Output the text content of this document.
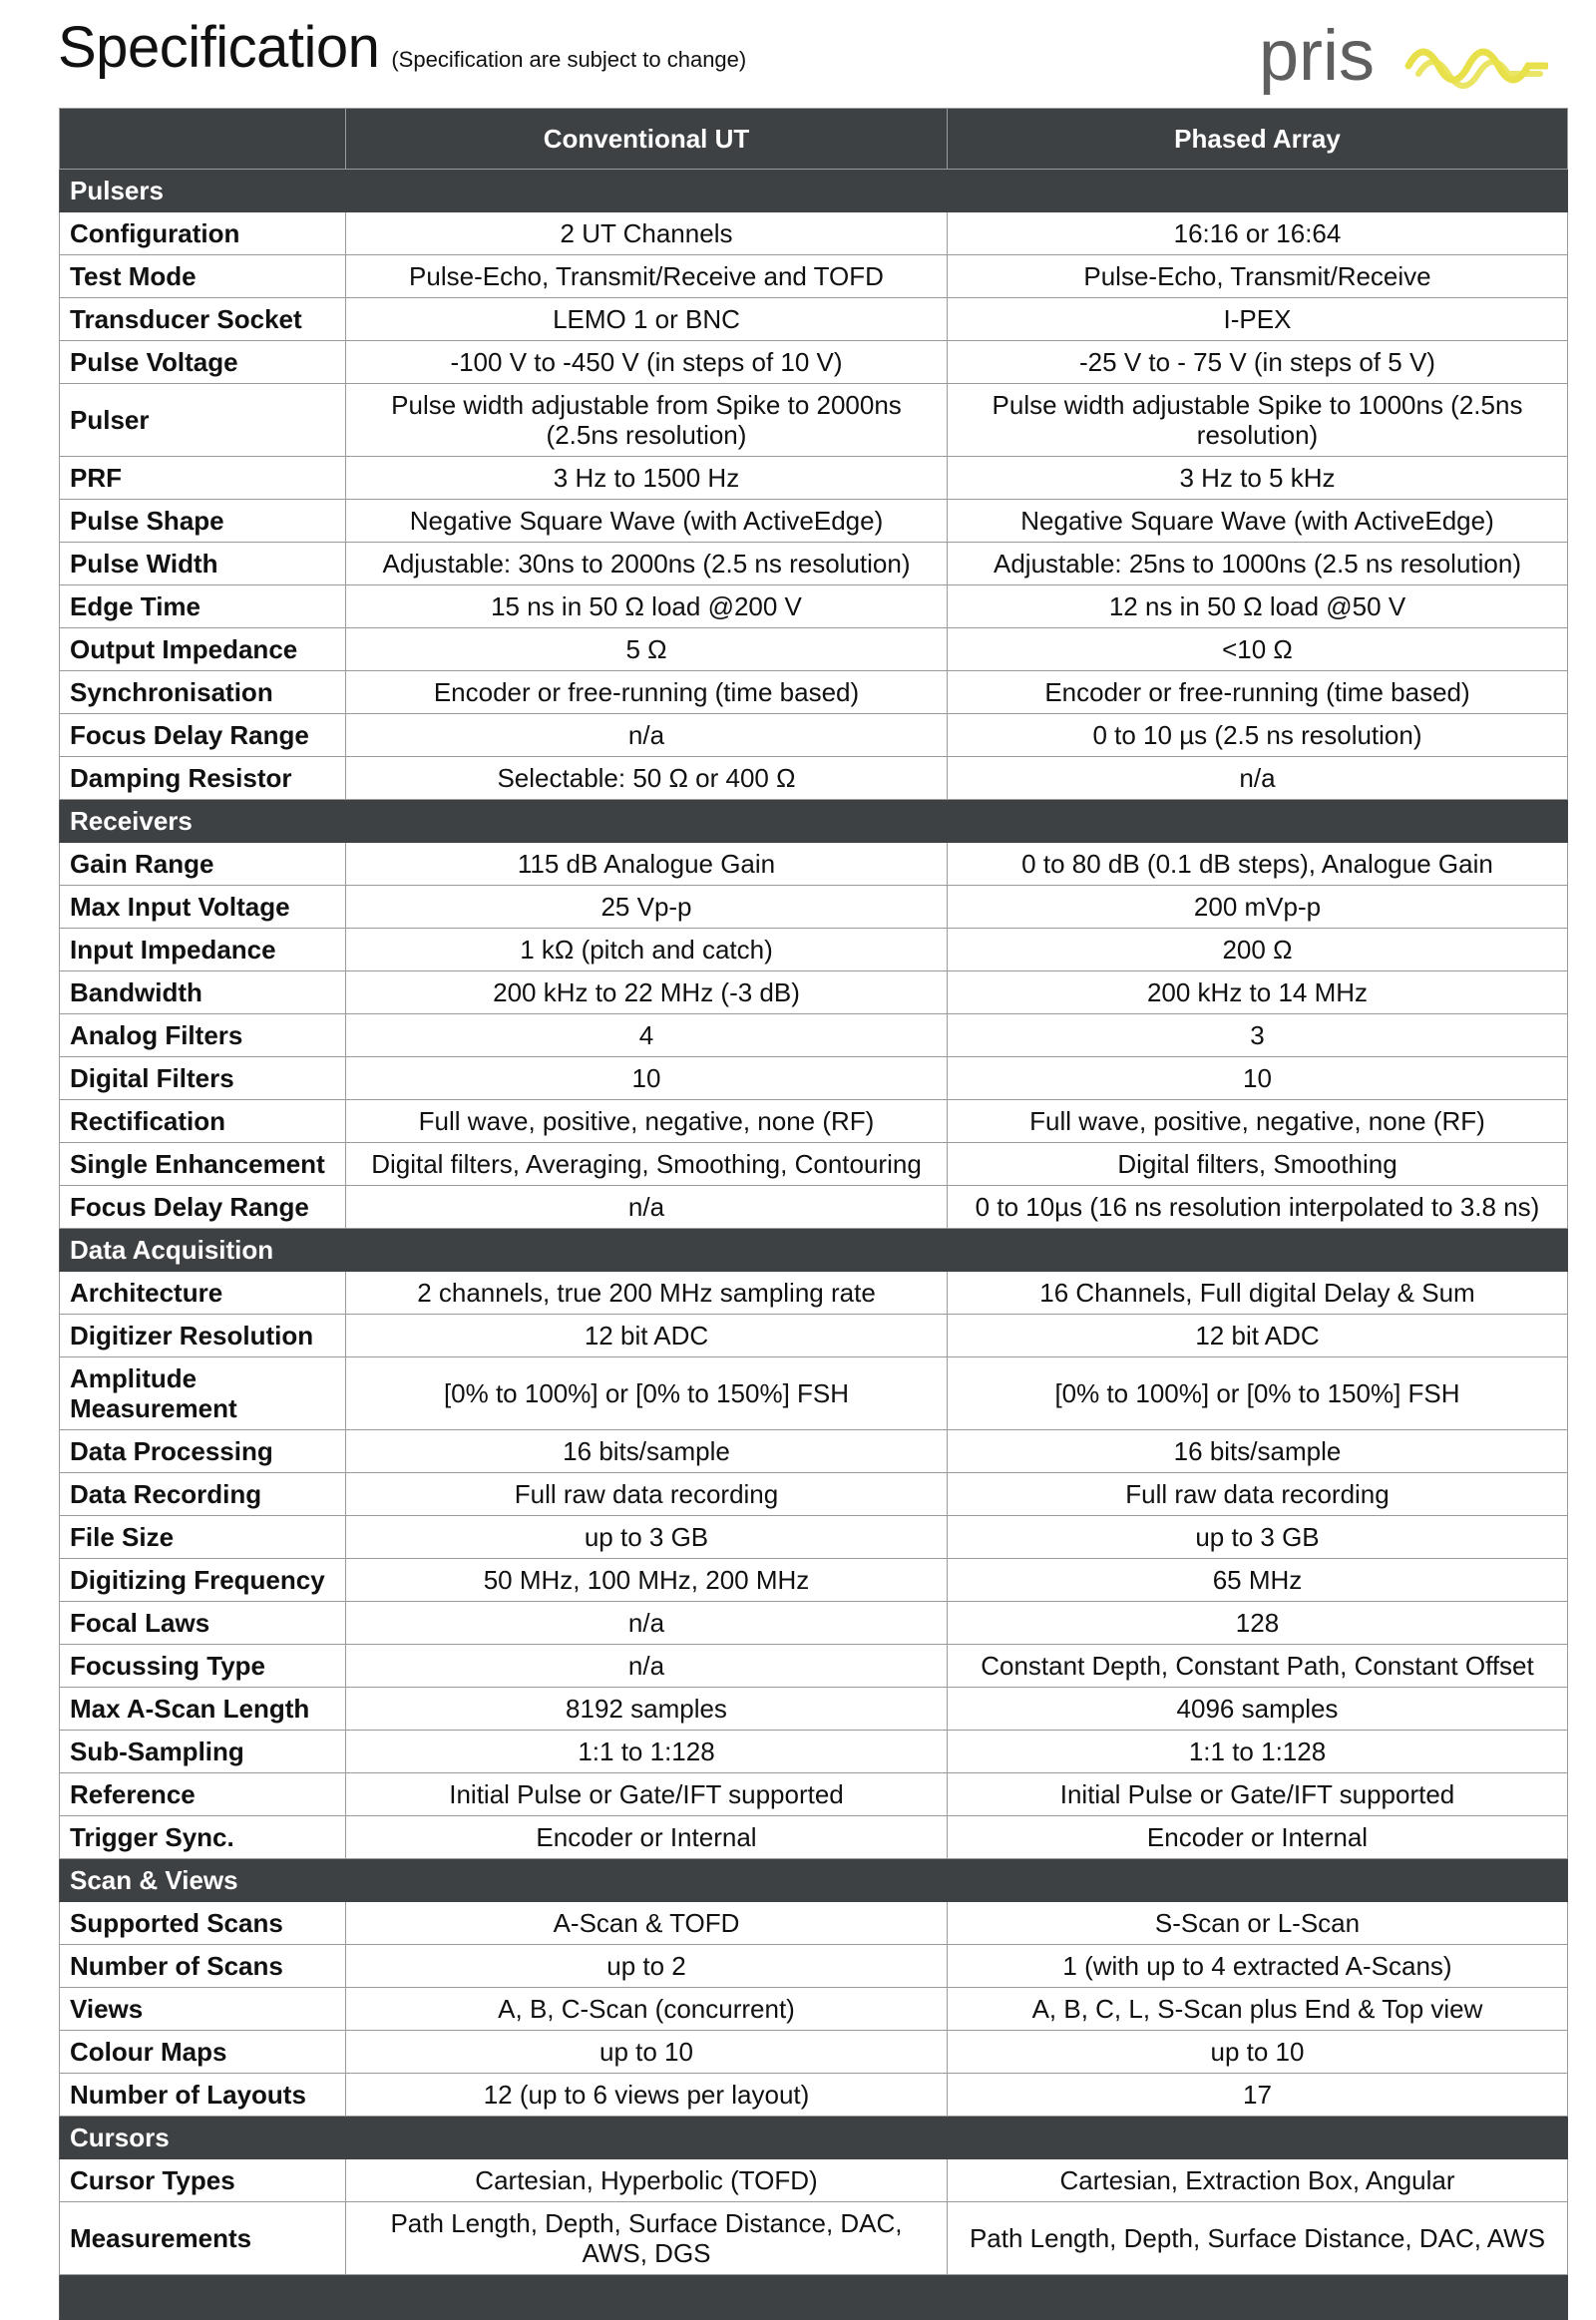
Specification (Specification are subject to change)	pris
	Conventional UT	Phased Array
Pulsers		
Configuration	2 UT Channels	16:16 or 16:64
Test Mode	Pulse-Echo, Transmit/Receive and TOFD	Pulse-Echo, Transmit/Receive
Transducer Socket	LEMO 1 or BNC	I-PEX
Pulse Voltage	-100 V to -450 V (in steps of 10 V)	-25 V to - 75 V (in steps of 5 V)
Pulser	Pulse width adjustable from Spike to 2000ns (2.5ns resolution)	Pulse width adjustable Spike to 1000ns (2.5ns resolution)
PRF	3 Hz to 1500 Hz	3 Hz to 5 kHz
Pulse Shape	Negative Square Wave (with ActiveEdge)	Negative Square Wave (with ActiveEdge)
Pulse Width	Adjustable: 30ns to 2000ns (2.5 ns resolution)	Adjustable: 25ns to 1000ns (2.5 ns resolution)
Edge Time	15 ns in 50 Ω load @200 V	12 ns in 50 Ω load @50 V
Output Impedance	5 Ω	<10 Ω
Synchronisation	Encoder or free-running (time based)	Encoder or free-running (time based)
Focus Delay Range	n/a	0 to 10 µs (2.5 ns resolution)
Damping Resistor	Selectable: 50 Ω or 400 Ω	n/a
Receivers		
Gain Range	115 dB Analogue Gain	0 to 80 dB (0.1 dB steps), Analogue Gain
Max Input Voltage	25 Vp-p	200 mVp-p
Input Impedance	1 kΩ (pitch and catch)	200 Ω
Bandwidth	200 kHz to 22 MHz (-3 dB)	200 kHz to 14 MHz
Analog Filters	4	3
Digital Filters	10	10
Rectification	Full wave, positive, negative, none (RF)	Full wave, positive, negative, none (RF)
Single Enhancement	Digital filters, Averaging, Smoothing, Contouring	Digital filters, Smoothing
Focus Delay Range	n/a	0 to 10µs (16 ns resolution interpolated to 3.8 ns)
Data Acquisition		
Architecture	2 channels, true 200 MHz sampling rate	16 Channels, Full digital Delay & Sum
Digitizer Resolution	12 bit ADC	12 bit ADC
Amplitude Measurement	[0% to 100%] or [0% to 150%] FSH	[0% to 100%] or [0% to 150%] FSH
Data Processing	16 bits/sample	16 bits/sample
Data Recording	Full raw data recording	Full raw data recording
File Size	up to 3 GB	up to 3 GB
Digitizing Frequency	50 MHz, 100 MHz, 200 MHz	65 MHz
Focal Laws	n/a	128
Focussing Type	n/a	Constant Depth, Constant Path, Constant Offset
Max A-Scan Length	8192 samples	4096 samples
Sub-Sampling	1:1 to 1:128	1:1 to 1:128
Reference	Initial Pulse or Gate/IFT supported	Initial Pulse or Gate/IFT supported
Trigger Sync.	Encoder or Internal	Encoder or Internal
Scan & Views		
Supported Scans	A-Scan & TOFD	S-Scan or L-Scan
Number of Scans	up to 2	1 (with up to 4 extracted A-Scans)
Views	A, B, C-Scan (concurrent)	A, B, C, L, S-Scan plus End & Top view
Colour Maps	up to 10	up to 10
Number of Layouts	12 (up to 6 views per layout)	17
Cursors		
Cursor Types	Cartesian, Hyperbolic (TOFD)	Cartesian, Extraction Box, Angular
Measurements	Path Length, Depth, Surface Distance, DAC, AWS, DGS	Path Length, Depth, Surface Distance, DAC, AWS
